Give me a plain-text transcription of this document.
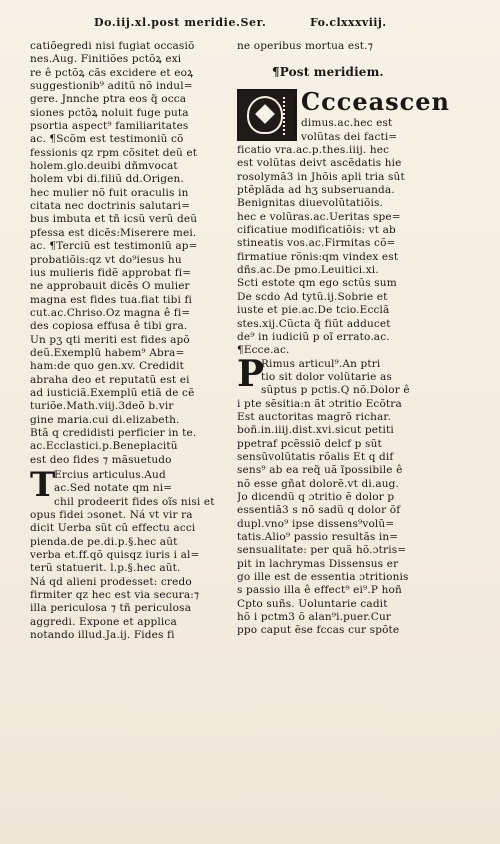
Do.iij.xl.post meridie.Ser.	Fo.clxxxviij.
catiõegredi nisi fugiat occasiõ
nes.Aug. Finitiões pctõꝝ exi
re ê pctõꝝ cãs excidere et eoꝝ
suggestionib⁹ aditũ nõ indul=
gere. Jnnche ptra eos q̃ occa
siones pctõꝝ noluit fuge puta
psortia aspect⁹ familiaritates
ac. ¶Scõm est testimoniũ cõ
fessionis qz rpm cõsitet deũ et
holem.glo.deuibi dñmvocat
holem vbi di.filiũ dd.Origen.
hec mulier nõ fuit oraculis in
citata nec doctrinis salutari=
bus imbuta et tñ icsũ verũ deũ
pfessa est dicẽs:Miserere mei.
ac. ¶Terciũ est testimoniũ ap=
probatiõis:qz vt do⁹iesus hu
ius mulieris fidẽ approbat fi=
ne approbauit dicẽs O mulier
magna est fides tua.fiat tibi fi
cut.ac.Chriso.Oz magna ê fi=
des copiosa effusa ê tibi gra.
Un pʒ qti meriti est fides apõ
deũ.Exemplũ habem⁹ Abra=
ham:de quo gen.xv. Credidit
abraha deo et reputatũ est ei
ad iusticiã.Exemplũ etiã de cẽ
turiõe.Math.viij.3deõ b.vir
gine maria.cui di.elizabeth.
Btã q credidisti perficier in te.
ac.Ecclastici.p.Beneplacitũ
est deo fides ⁊ mãsuetudo
T
Ercius articulus.Aud
ac.Sed notate qm ni=
chil prodeerit fides oĩs nisi et
opus fidei ɔsonet. Ná vt vir ra
dicit Uerba sũt cũ effectu acci
pienda.de pe.di.p.§.hec aũt
verba et.ff.qõ quisqz iuris i al=
terũ statuerit. l.p.§.hec aũt.
Ná qd alieni prodesset: credo
firmiter qz hec est via secura:⁊
illa periculosa ⁊ tñ periculosa
aggredi. Expone et applica
notando illud.Ja.ij. Fides fi
ne operibus mortua est.⁊
¶Post meridiem.
Ccceascen
dimus.ac.hec est
volũtas dei facti=
ficatio vra.ac.p.thes.iiij. hec
est volũtas deivt ascẽdatis hie
rosolymã3 in Jhõis apli tria sũt
ptẽplãda ad hʒ subseruanda.
Benignitas diuevolũtatiõis.
hec e volũras.ac.Ueritas spe=
cificatiue modificatiõis: vt ab
stineatis vos.ac.Firmitas cõ=
firmatiue rõnis:qm vindex est
dñs.ac.De pmo.Leuitici.xi.
Scti estote qm ego sctũs sum
De scdo Ad tytũ.ij.Sobrie et
iuste et pie.ac.De tcio.Ecclã
stes.xij.Cũcta q̃ fiũt adducet
de⁹ in iudiciũ p oĩ errato.ac.
¶Ecce.ac.
P
Rimus articul⁹.An ptri
tio sit dolor volũtarie as
sũptus p pctis.Q nõ.Dolor ê
i pte sẽsitia:n ãt ɔtritio Ecõtra
Est auctoritas magrõ richar.
boñ.in.iiij.dist.xvi.sicut petiti
ppetraf pcẽssiõ delcf p sũt
sensũvolũtatis rõalis Et q dif
sens⁹ ab ea req̃ uã ĩpossibile ê
nõ esse gñat dolorẽ.vt di.aug.
Jo dicendũ q ɔtritio ẽ dolor p
essentiã3 s nõ sadũ q dolor õf
dupl.vno⁹ ipse dissens⁹volũ=
tatis.Alio⁹ passio resultãs in=
sensualitate: per quã hõ.ɔtris=
pit in lachrymas Dissensus er
go ille est de essentia ɔtritionis
s passio illa ê effect⁹ ei⁹.P hoñ
Cpto suñs. Uoluntarie cadit
hõ i pctm3 õ alan⁹i.puer.Cur
ppo caput ẽse fccas cur spõte
